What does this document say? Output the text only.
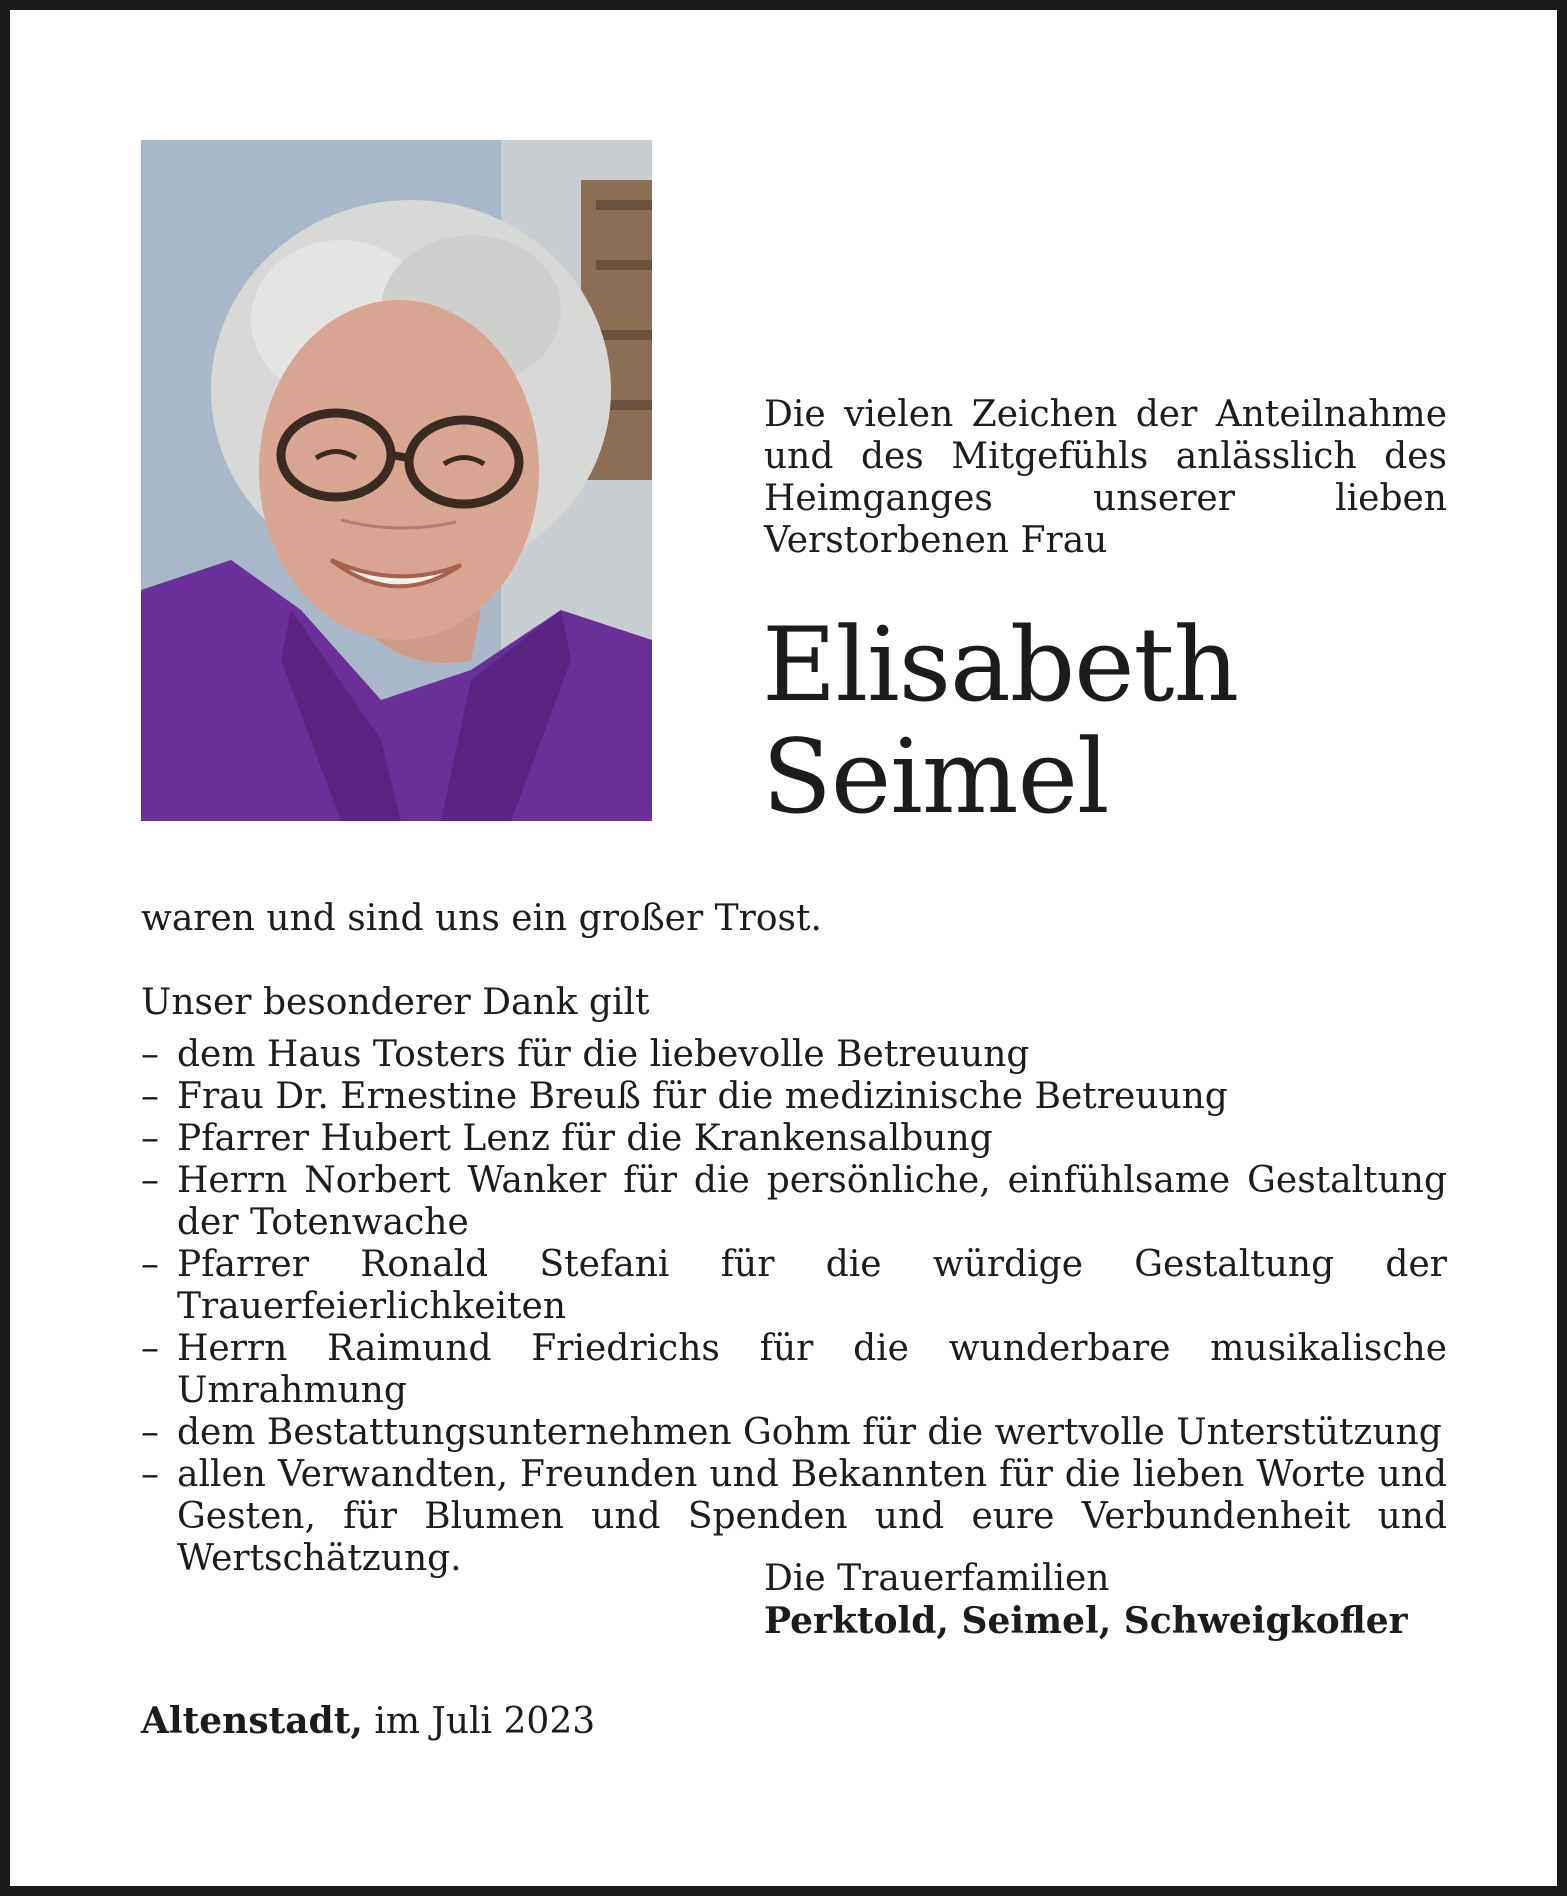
Die vielen Zeichen der Anteilnahme und des Mitgefühls anlässlich des Heimganges unserer lieben Verstorbenen Frau

Elisabeth
Seimel

waren und sind uns ein großer Trost.

Unser besonderer Dank gilt

– dem Haus Tosters für die liebevolle Betreuung
– Frau Dr. Ernestine Breuß für die medizinische Betreuung
– Pfarrer Hubert Lenz für die Krankensalbung
– Herrn Norbert Wanker für die persönliche, einfühlsame Gestaltung der Totenwache
– Pfarrer Ronald Stefani für die würdige Gestaltung der Trauerfeierlichkeiten
– Herrn Raimund Friedrichs für die wunderbare musikalische Umrahmung
– dem Bestattungsunternehmen Gohm für die wertvolle Unterstützung
– allen Verwandten, Freunden und Bekannten für die lieben Worte und Gesten, für Blumen und Spenden und eure Verbundenheit und Wertschätzung.	Die Trauerfamilien
Perktold, Seimel, Schweigkofler

Altenstadt, im Juli 2023
